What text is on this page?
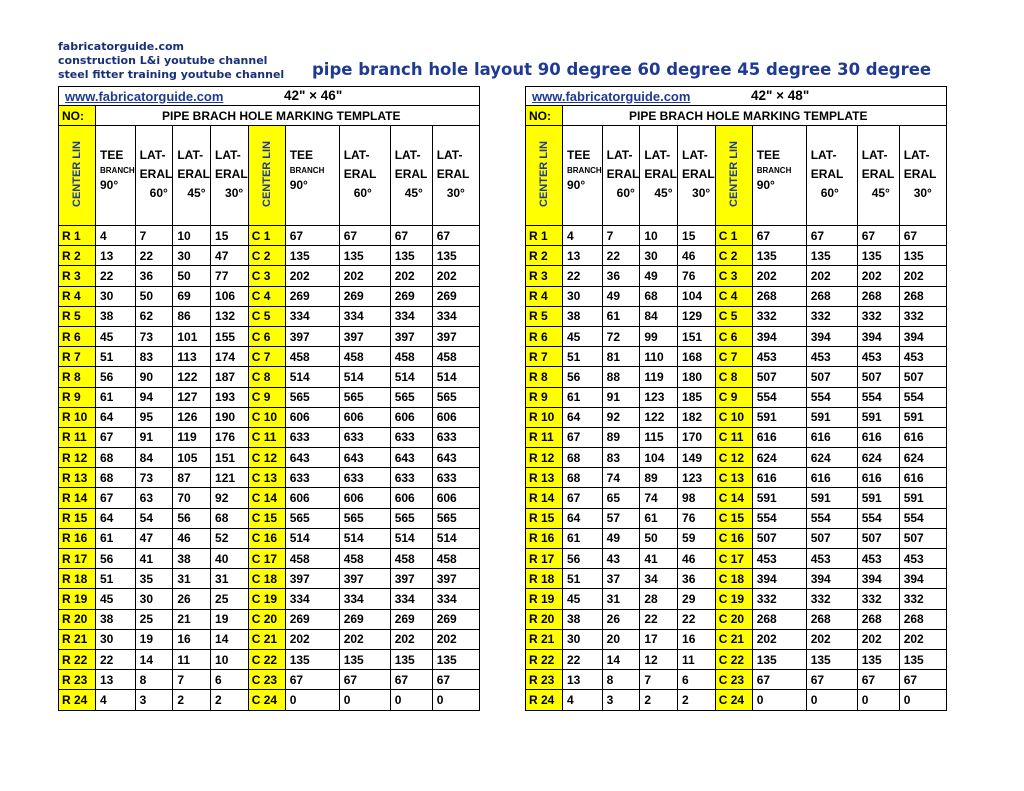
fabricatorguide.com
construction L&i youtube channel
steel fitter training youtube channel	pipe branch hole layout 90 degree 60 degree 45 degree 30 degree
www.fabricatorguide.com 42" × 46"									

NO:	PIPE BRACH HOLE MARKING TEMPLATE								

CENTER LIN	TEE
BRANCH
90°	LAT-
ERAL
60°	LAT-
ERAL
45°	LAT-
ERAL
30°	CENTER LIN	TEE
BRANCH
90°	LAT-
ERAL
60°	LAT-
ERAL
45°	LAT-
ERAL
30°

R 1	4	7	10	15	C 1	67	67	67	67
R 2	13	22	30	47	C 2	135	135	135	135
R 3	22	36	50	77	C 3	202	202	202	202
R 4	30	50	69	106	C 4	269	269	269	269
R 5	38	62	86	132	C 5	334	334	334	334
R 6	45	73	101	155	C 6	397	397	397	397
R 7	51	83	113	174	C 7	458	458	458	458
R 8	56	90	122	187	C 8	514	514	514	514
R 9	61	94	127	193	C 9	565	565	565	565
R 10	64	95	126	190	C 10	606	606	606	606
R 11	67	91	119	176	C 11	633	633	633	633
R 12	68	84	105	151	C 12	643	643	643	643
R 13	68	73	87	121	C 13	633	633	633	633
R 14	67	63	70	92	C 14	606	606	606	606
R 15	64	54	56	68	C 15	565	565	565	565
R 16	61	47	46	52	C 16	514	514	514	514
R 17	56	41	38	40	C 17	458	458	458	458
R 18	51	35	31	31	C 18	397	397	397	397
R 19	45	30	26	25	C 19	334	334	334	334
R 20	38	25	21	19	C 20	269	269	269	269
R 21	30	19	16	14	C 21	202	202	202	202
R 22	22	14	11	10	C 22	135	135	135	135
R 23	13	8	7	6	C 23	67	67	67	67
R 24	4	3	2	2	C 24	0	0	0	0
www.fabricatorguide.com 42" × 48"									

NO:	PIPE BRACH HOLE MARKING TEMPLATE								

CENTER LIN	TEE
BRANCH
90°	LAT-
ERAL
60°	LAT-
ERAL
45°	LAT-
ERAL
30°	CENTER LIN	TEE
BRANCH
90°	LAT-
ERAL
60°	LAT-
ERAL
45°	LAT-
ERAL
30°

R 1	4	7	10	15	C 1	67	67	67	67
R 2	13	22	30	46	C 2	135	135	135	135
R 3	22	36	49	76	C 3	202	202	202	202
R 4	30	49	68	104	C 4	268	268	268	268
R 5	38	61	84	129	C 5	332	332	332	332
R 6	45	72	99	151	C 6	394	394	394	394
R 7	51	81	110	168	C 7	453	453	453	453
R 8	56	88	119	180	C 8	507	507	507	507
R 9	61	91	123	185	C 9	554	554	554	554
R 10	64	92	122	182	C 10	591	591	591	591
R 11	67	89	115	170	C 11	616	616	616	616
R 12	68	83	104	149	C 12	624	624	624	624
R 13	68	74	89	123	C 13	616	616	616	616
R 14	67	65	74	98	C 14	591	591	591	591
R 15	64	57	61	76	C 15	554	554	554	554
R 16	61	49	50	59	C 16	507	507	507	507
R 17	56	43	41	46	C 17	453	453	453	453
R 18	51	37	34	36	C 18	394	394	394	394
R 19	45	31	28	29	C 19	332	332	332	332
R 20	38	26	22	22	C 20	268	268	268	268
R 21	30	20	17	16	C 21	202	202	202	202
R 22	22	14	12	11	C 22	135	135	135	135
R 23	13	8	7	6	C 23	67	67	67	67
R 24	4	3	2	2	C 24	0	0	0	0
